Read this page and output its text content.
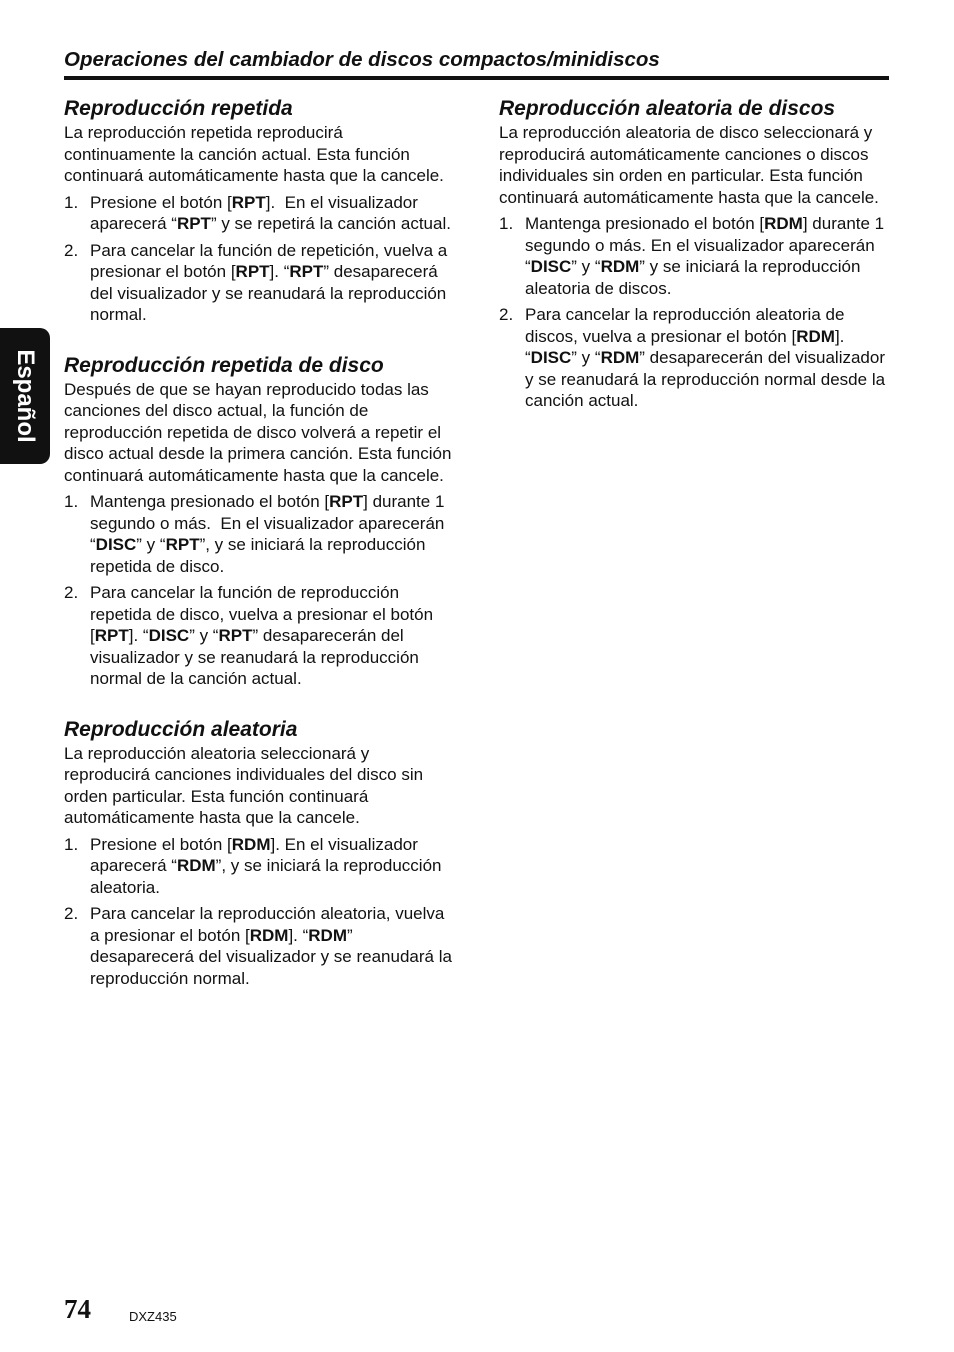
Operaciones del cambiador de discos compactos/minidiscos
Español
Reproducción repetida

La reproducción repetida reproducirá continuamente la canción actual. Esta función continuará automáticamente hasta que la cancele.

1. Presione el botón [RPT].  En el visualizador aparecerá “RPT” y se repetirá la canción actual.
2. Para cancelar la función de repetición, vuelva a presionar el botón [RPT]. “RPT” desaparecerá del visualizador y se reanudará la reproducción normal.
Reproducción repetida de disco

Después de que se hayan reproducido todas las canciones del disco actual, la función de reproducción repetida de disco volverá a repetir el disco actual desde la primera canción. Esta función continuará automáticamente hasta que la cancele.

1. Mantenga presionado el botón [RPT] durante 1 segundo o más.  En el visualizador aparecerán “DISC” y “RPT”, y se iniciará la reproducción repetida de disco.
2. Para cancelar la función de reproducción repetida de disco, vuelva a presionar el botón [RPT]. “DISC” y “RPT” desaparecerán del visualizador y se reanudará la reproducción normal de la canción actual.
Reproducción aleatoria

La reproducción aleatoria seleccionará y reproducirá canciones individuales del disco sin orden particular. Esta función continuará automáticamente hasta que la cancele.

1. Presione el botón [RDM]. En el visualizador aparecerá “RDM”, y se iniciará la reproducción aleatoria.
2. Para cancelar la reproducción aleatoria, vuelva a presionar el botón [RDM]. “RDM” desaparecerá del visualizador y se reanudará la reproducción normal.
Reproducción aleatoria de discos

La reproducción aleatoria de disco seleccionará y reproducirá automáticamente canciones o discos individuales sin orden en particular. Esta función continuará automáticamente hasta que la cancele.

1. Mantenga presionado el botón [RDM] durante 1 segundo o más. En el visualizador aparecerán “DISC” y “RDM” y se iniciará la reproducción aleatoria de discos.
2. Para cancelar la reproducción aleatoria de discos, vuelva a presionar el botón [RDM]. “DISC” y “RDM” desaparecerán del visualizador y se reanudará la reproducción normal desde la canción actual.
74	DXZ435
